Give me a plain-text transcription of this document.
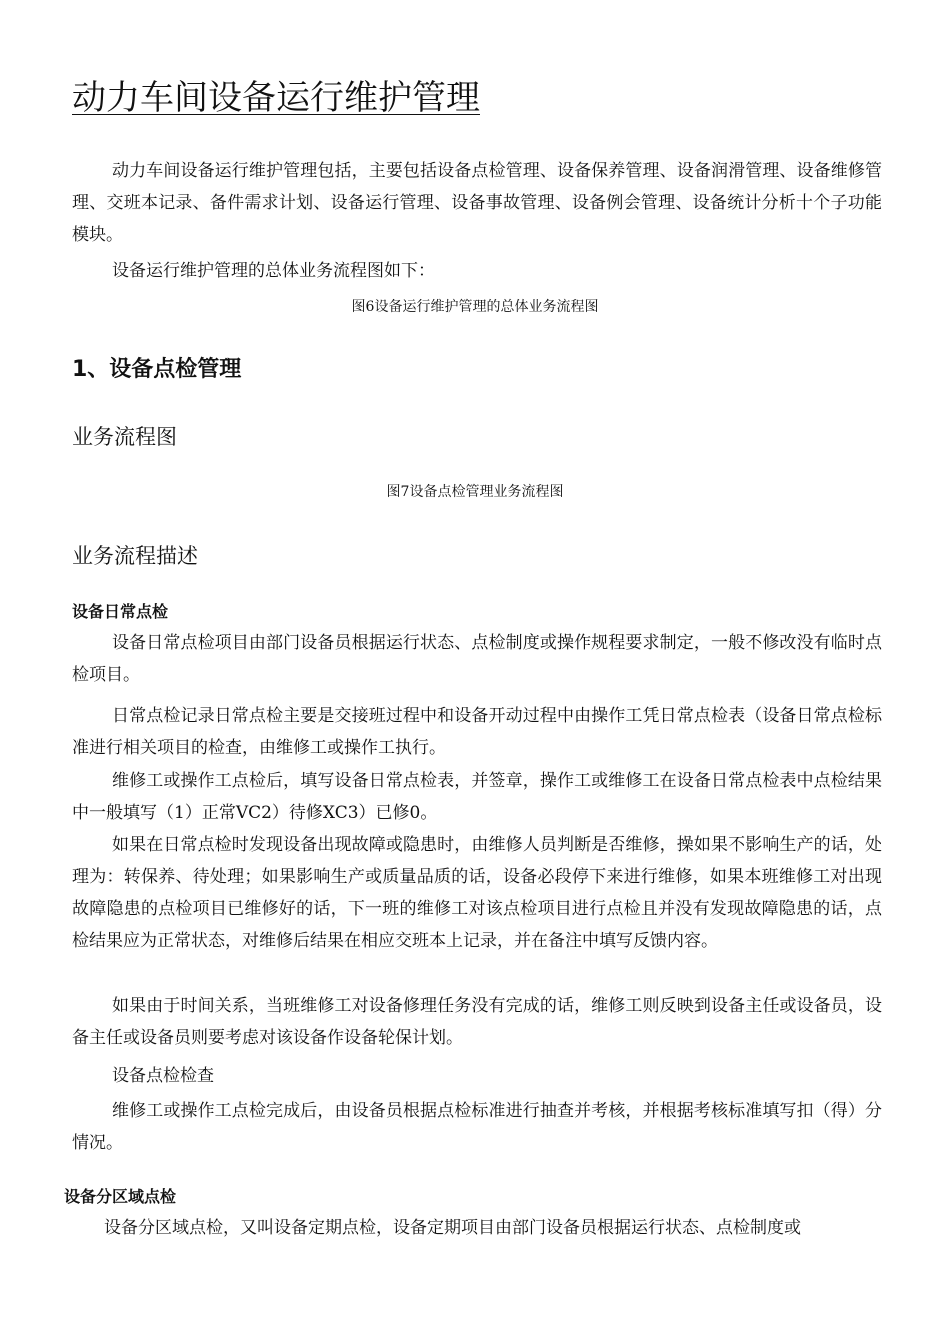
动力车间设备运行维护管理

动力车间设备运行维护管理包括，主要包括设备点检管理、设备保养管理、设备润滑管理、设备维修管理、交班本记录、备件需求计划、设备运行管理、设备事故管理、设备例会管理、设备统计分析十个子功能模块。

设备运行维护管理的总体业务流程图如下：

图6设备运行维护管理的总体业务流程图

1、设备点检管理
业务流程图

图7设备点检管理业务流程图

业务流程描述
设备日常点检

设备日常点检项目由部门设备员根据运行状态、点检制度或操作规程要求制定，一般不修改没有临时点检项目。

日常点检记录日常点检主要是交接班过程中和设备开动过程中由操作工凭日常点检表（设备日常点检标准进行相关项目的检查，由维修工或操作工执行。

维修工或操作工点检后，填写设备日常点检表，并签章，操作工或维修工在设备日常点检表中点检结果中一般填写（1）正常VC2）待修XC3）已修0。

如果在日常点检时发现设备出现故障或隐患时，由维修人员判断是否维修，操如果不影响生产的话，处理为：转保养、待处理；如果影响生产或质量品质的话，设备必段停下来进行维修，如果本班维修工对出现故障隐患的点检项目已维修好的话，下一班的维修工对该点检项目进行点检且并没有发现故障隐患的话，点检结果应为正常状态，对维修后结果在相应交班本上记录，并在备注中填写反馈内容。

如果由于时间关系，当班维修工对设备修理任务没有完成的话，维修工则反映到设备主任或设备员，设备主任或设备员则要考虑对该设备作设备轮保计划。

设备点检检查

维修工或操作工点检完成后，由设备员根据点检标准进行抽查并考核，并根据考核标准填写扣（得）分情况。

设备分区域点检

设备分区域点检，又叫设备定期点检，设备定期项目由部门设备员根据运行状态、点检制度或
